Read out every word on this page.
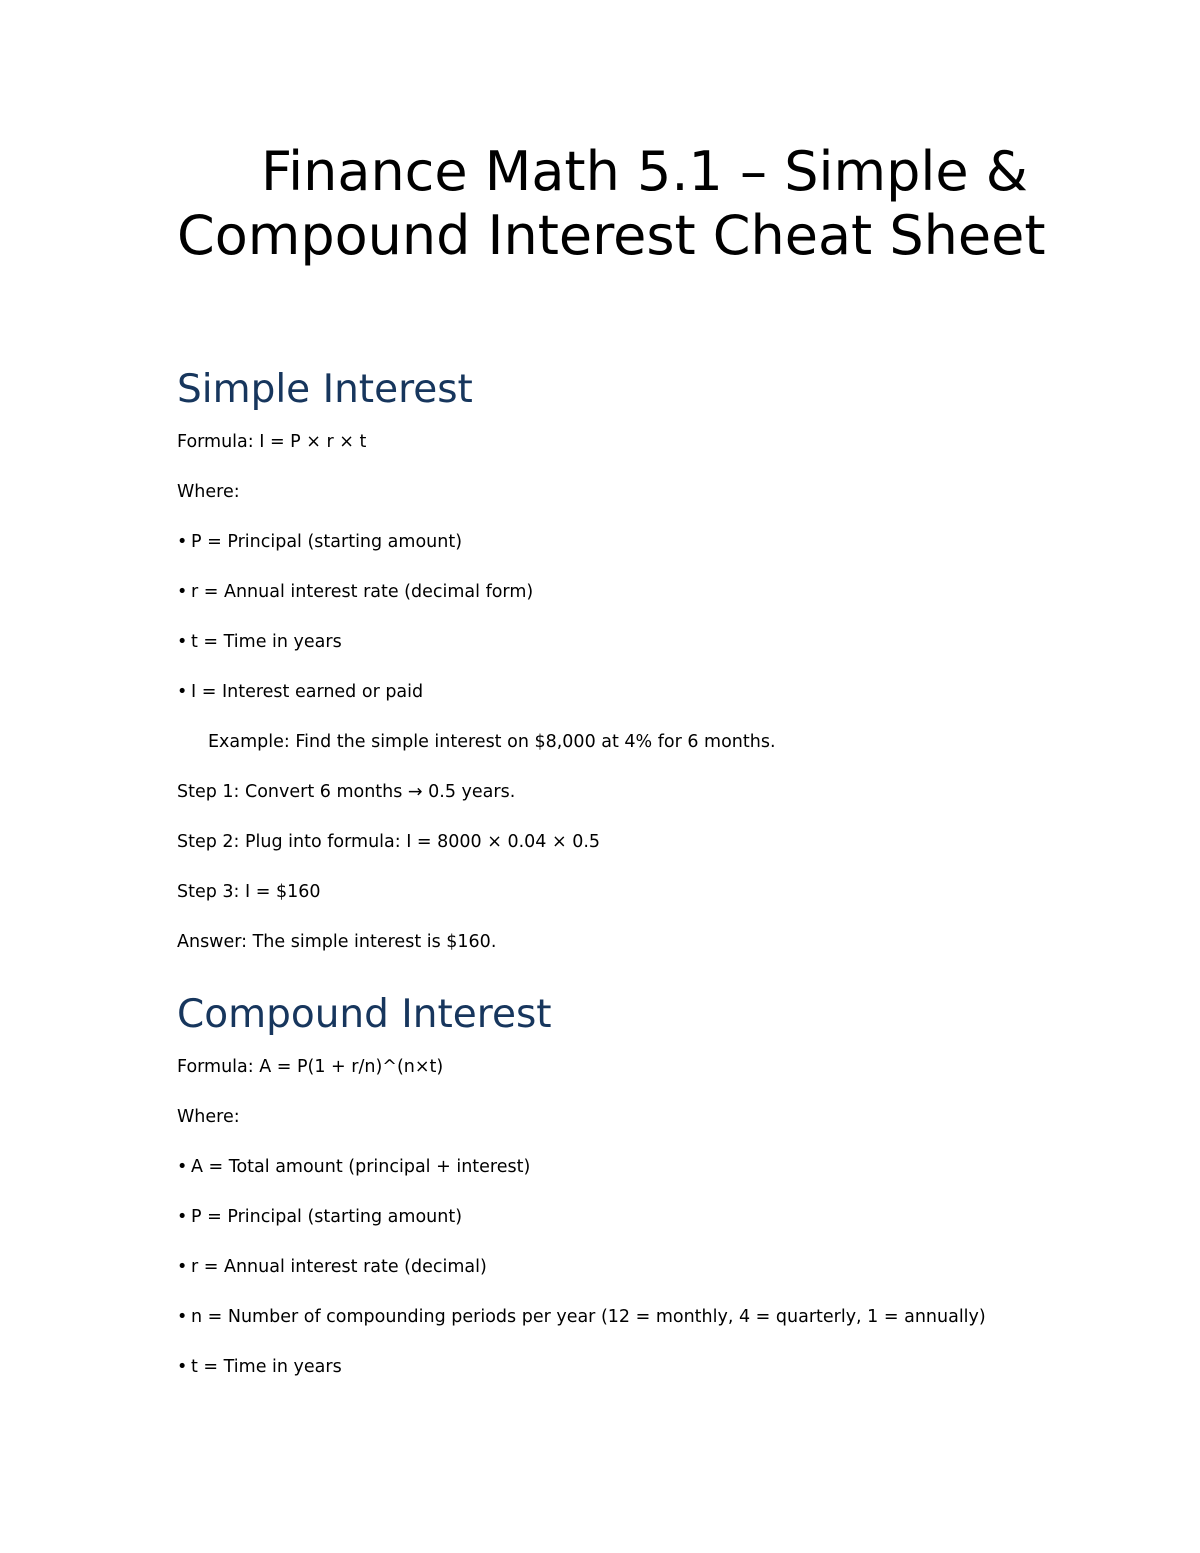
Finance Math 5.1 – Simple & Compound Interest Cheat Sheet
Simple Interest

Formula: I = P × r × t

Where:

• P = Principal (starting amount)

• r = Annual interest rate (decimal form)

• t = Time in years

• I = Interest earned or paid

Example: Find the simple interest on $8,000 at 4% for 6 months.

Step 1: Convert 6 months → 0.5 years.

Step 2: Plug into formula: I = 8000 × 0.04 × 0.5

Step 3: I = $160

Answer: The simple interest is $160.

Compound Interest

Formula: A = P(1 + r/n)^(n×t)

Where:

• A = Total amount (principal + interest)

• P = Principal (starting amount)

• r = Annual interest rate (decimal)

• n = Number of compounding periods per year (12 = monthly, 4 = quarterly, 1 = annually)

• t = Time in years
